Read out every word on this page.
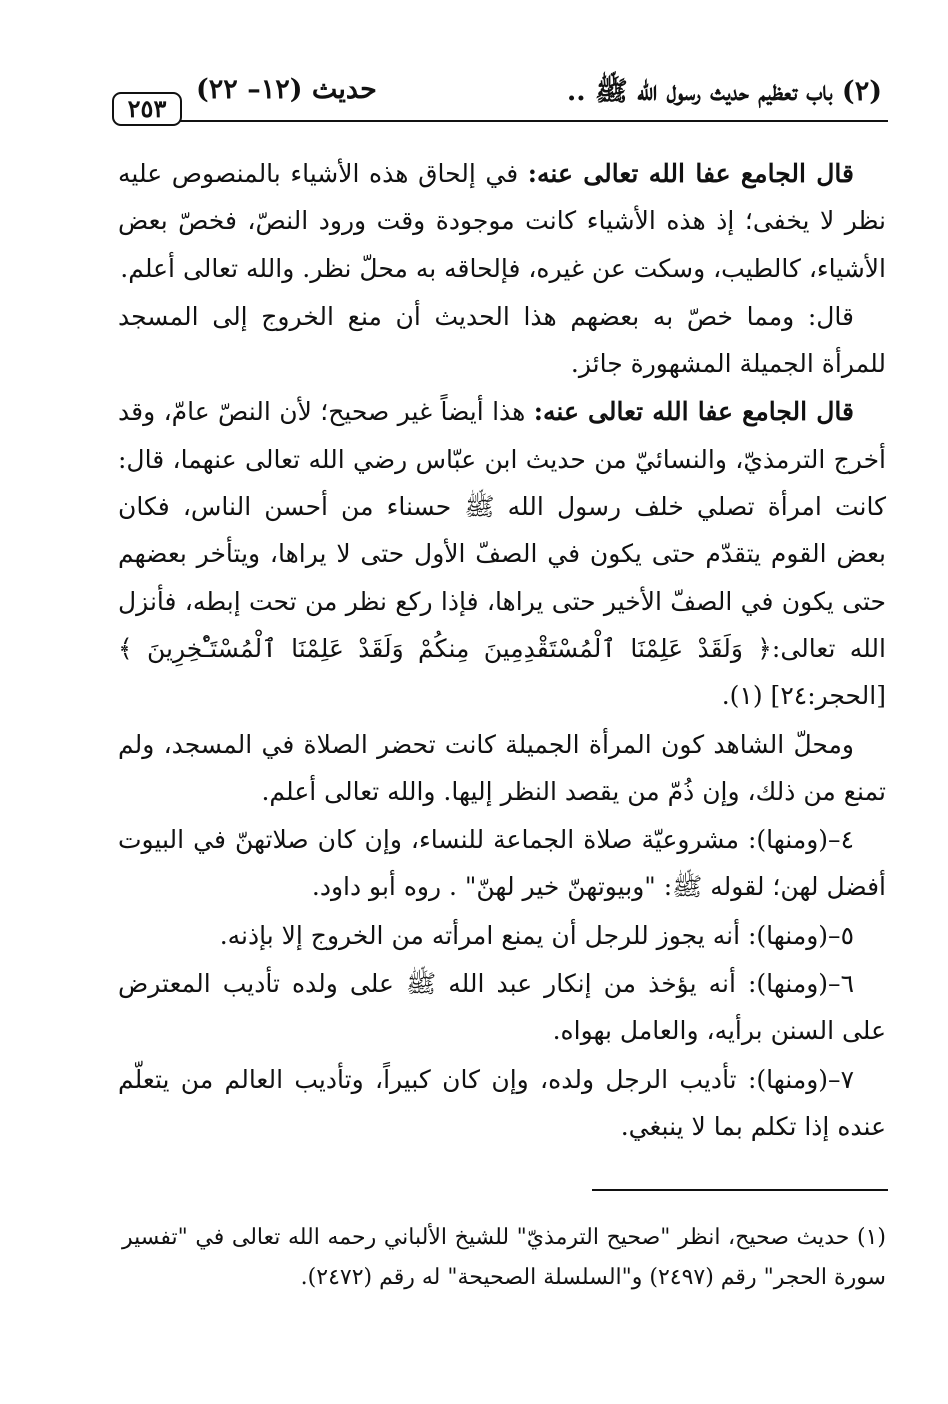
(٢) باب تعظيم حديث رسول الله ﷺ ..
حديث (١٢– ٢٢)
٢٥٣

قال الجامع عفا الله تعالى عنه: في إلحاق هذه الأشياء بالمنصوص عليه نظر لا يخفى؛ إذ هذه الأشياء كانت موجودة وقت ورود النصّ، فخصّ بعض الأشياء، كالطيب، وسكت عن غيره، فإلحاقه به محلّ نظر. والله تعالى أعلم.

قال: ومما خصّ به بعضهم هذا الحديث أن منع الخروج إلى المسجد للمرأة الجميلة المشهورة جائز.

قال الجامع عفا الله تعالى عنه: هذا أيضاً غير صحيح؛ لأن النصّ عامّ، وقد أخرج الترمذيّ، والنسائيّ من حديث ابن عبّاس رضي الله تعالى عنهما، قال: كانت امرأة تصلي خلف رسول الله ﷺ حسناء من أحسن الناس، فكان بعض القوم يتقدّم حتى يكون في الصفّ الأول حتى لا يراها، ويتأخر بعضهم حتى يكون في الصفّ الأخير حتى يراها، فإذا ركع نظر من تحت إبطه، فأنزل الله تعالى:﴿ وَلَقَدْ عَلِمْنَا ٱلْمُسْتَقْدِمِينَ مِنكُمْ وَلَقَدْ عَلِمْنَا ٱلْمُسْتَـْٔخِرِينَ ﴾ [الحجر:٢٤] (١).

ومحلّ الشاهد كون المرأة الجميلة كانت تحضر الصلاة في المسجد، ولم تمنع من ذلك، وإن ذُمّ من يقصد النظر إليها. والله تعالى أعلم.

٤–(ومنها): مشروعيّة صلاة الجماعة للنساء، وإن كان صلاتهنّ في البيوت أفضل لهن؛ لقوله ﷺ: "وبيوتهنّ خير لهنّ" . روه أبو داود.

٥–(ومنها): أنه يجوز للرجل أن يمنع امرأته من الخروج إلا بإذنه.

٦–(ومنها): أنه يؤخذ من إنكار عبد الله ﷺ على ولده تأديب المعترض على السنن برأيه، والعامل بهواه.

٧–(ومنها): تأديب الرجل ولده، وإن كان كبيراً، وتأديب العالم من يتعلّم عنده إذا تكلم بما لا ينبغي.

(١) حديث صحيح، انظر "صحيح الترمذيّ" للشيخ الألباني رحمه الله تعالى في "تفسير سورة الحجر" رقم (٢٤٩٧) و"السلسلة الصحيحة" له رقم (٢٤٧٢).
